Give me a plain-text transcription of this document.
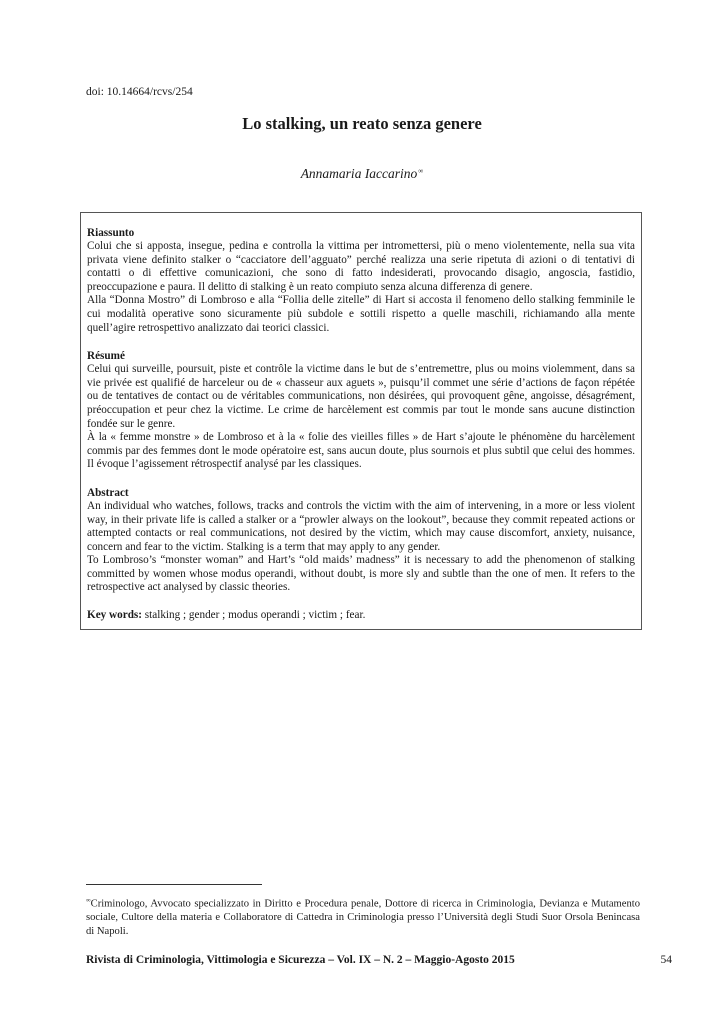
doi: 10.14664/rcvs/254
Lo stalking, un reato senza genere
Annamaria Iaccarino∞

Riassunto

Colui che si apposta, insegue, pedina e controlla la vittima per intromettersi, più o meno violentemente, nella sua vita privata viene definito stalker o “cacciatore dell’agguato” perché realizza una serie ripetuta di azioni o di tentativi di contatti o di effettive comunicazioni, che sono di fatto indesiderati, provocando disagio, angoscia, fastidio, preoccupazione e paura. Il delitto di stalking è un reato compiuto senza alcuna differenza di genere.

Alla “Donna Mostro” di Lombroso e alla “Follia delle zitelle” di Hart si accosta il fenomeno dello stalking femminile le cui modalità operative sono sicuramente più subdole e sottili rispetto a quelle maschili, richiamando alla mente quell’agire retrospettivo analizzato dai teorici classici.

Résumé

Celui qui surveille, poursuit, piste et contrôle la victime dans le but de s’entremettre, plus ou moins violemment, dans sa vie privée est qualifié de harceleur ou de « chasseur aux aguets », puisqu’il commet une série d’actions de façon répétée ou de tentatives de contact ou de véritables communications, non désirées, qui provoquent gêne, angoisse, désagrément, préoccupation et peur chez la victime. Le crime de harcèlement est commis par tout le monde sans aucune distinction fondée sur le genre.

À la « femme monstre » de Lombroso et à la « folie des vieilles filles » de Hart s’ajoute le phénomène du harcèlement commis par des femmes dont le mode opératoire est, sans aucun doute, plus sournois et plus subtil que celui des hommes. Il évoque l’agissement rétrospectif analysé par les classiques.

Abstract

An individual who watches, follows, tracks and controls the victim with the aim of intervening, in a more or less violent way, in their private life is called a stalker or a “prowler always on the lookout”, because they commit repeated actions or attempted contacts or real communications, not desired by the victim, which may cause discomfort, anxiety, nuisance, concern and fear to the victim. Stalking is a term that may apply to any gender.

To Lombroso’s “monster woman” and Hart’s “old maids’ madness” it is necessary to add the phenomenon of stalking committed by women whose modus operandi, without doubt, is more sly and subtle than the one of men. It refers to the retrospective act analysed by classic theories.

Key words: stalking ; gender ; modus operandi ; victim ; fear.
∞Criminologo, Avvocato specializzato in Diritto e Procedura penale, Dottore di ricerca in Criminologia, Devianza e Mutamento sociale, Cultore della materia e Collaboratore di Cattedra in Criminologia presso l’Università degli Studi Suor Orsola Benincasa di Napoli.
Rivista di Criminologia, Vittimologia e Sicurezza – Vol. IX – N. 2 – Maggio-Agosto 2015	54
